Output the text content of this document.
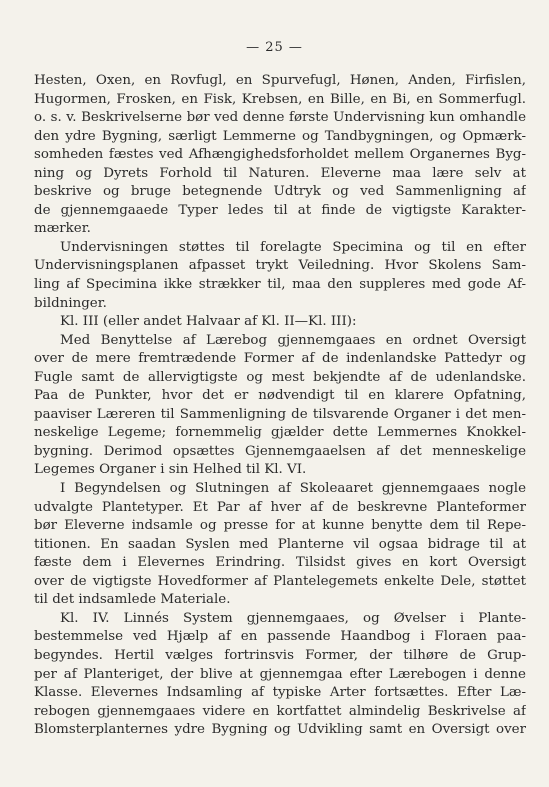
— 25 —
Hesten, Oxen, en Rovfugl, en Spurvefugl, Hønen, Anden, Firfislen,
Hugormen, Frosken, en Fisk, Krebsen, en Bille, en Bi, en Sommerfugl.
o. s. v. Beskrivelserne bør ved denne første Undervisning kun omhandle
den ydre Bygning, særligt Lemmerne og Tandbygningen, og Opmærk-
somheden fæstes ved Afhængighedsforholdet mellem Organernes Byg-
ning og Dyrets Forhold til Naturen. Eleverne maa lære selv at
beskrive og bruge betegnende Udtryk og ved Sammenligning af
de gjennemgaaede Typer ledes til at finde de vigtigste Karakter-
mærker.
Undervisningen støttes til forelagte Specimina og til en efter
Undervisningsplanen afpasset trykt Veiledning. Hvor Skolens Sam-
ling af Specimina ikke strækker til, maa den suppleres med gode Af-
bildninger.
Kl. III (eller andet Halvaar af Kl. II—Kl. III):
Med Benyttelse af Lærebog gjennemgaaes en ordnet Oversigt
over de mere fremtrædende Former af de indenlandske Pattedyr og
Fugle samt de allervigtigste og mest bekjendte af de udenlandske.
Paa de Punkter, hvor det er nødvendigt til en klarere Opfatning,
paaviser Læreren til Sammenligning de tilsvarende Organer i det men-
neskelige Legeme; fornemmelig gjælder dette Lemmernes Knokkel-
bygning. Derimod opsættes Gjennemgaaelsen af det menneskelige
Legemes Organer i sin Helhed til Kl. VI.
I Begyndelsen og Slutningen af Skoleaaret gjennemgaaes nogle
udvalgte Plantetyper. Et Par af hver af de beskrevne Planteformer
bør Eleverne indsamle og presse for at kunne benytte dem til Repe-
titionen. En saadan Syslen med Planterne vil ogsaa bidrage til at
fæste dem i Elevernes Erindring. Tilsidst gives en kort Oversigt
over de vigtigste Hovedformer af Plantelegemets enkelte Dele, støttet
til det indsamlede Materiale.
Kl. IV. Linnés System gjennemgaaes, og Øvelser i Plante-
bestemmelse ved Hjælp af en passende Haandbog i Floraen paa-
begyndes. Hertil vælges fortrinsvis Former, der tilhøre de Grup-
per af Planteriget, der blive at gjennemgaa efter Lærebogen i denne
Klasse. Elevernes Indsamling af typiske Arter fortsættes. Efter Læ-
rebogen gjennemgaaes videre en kortfattet almindelig Beskrivelse af
Blomsterplanternes ydre Bygning og Udvikling samt en Oversigt over
